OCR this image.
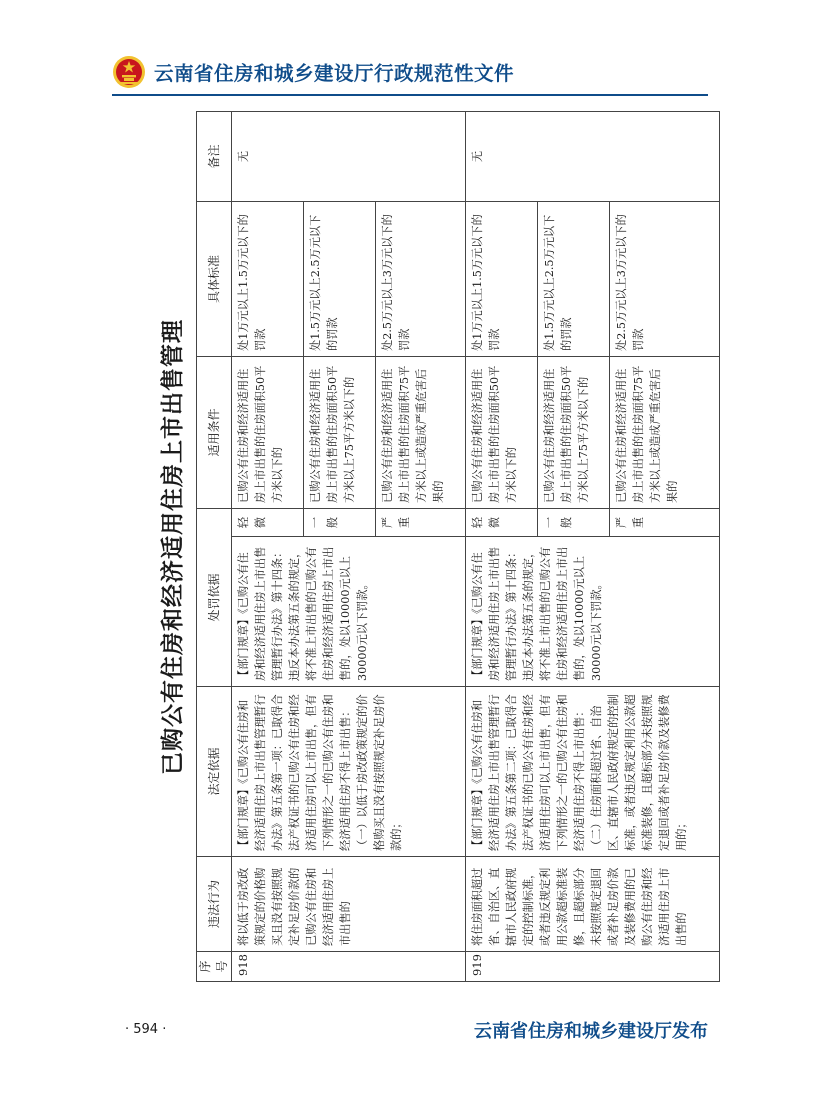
云南省住房和城乡建设厅行政规范性文件
已购公有住房和经济适用住房上市出售管理
序号	违法行为	法定依据	处罚依据		适用条件	具体标准	备注
918	将以低于房改政策规定的价格购买且没有按照规定补足房价款的已购公有住房和经济适用住房上市出售的	【部门规章】《已购公有住房和经济适用住房上市出售管理暂行办法》第五条第一项：已取得合法产权证书的已购公有住房和经济适用住房可以上市出售，但有下列情形之一的已购公有住房和经济适用住房不得上市出售：（一）以低于房改政策规定的价格购买且没有按照规定补足房价款的；	【部门规章】《已购公有住房和经济适用住房上市出售管理暂行办法》第十四条：违反本办法第五条的规定，将不准上市出售的已购公有住房和经济适用住房上市出售的，处以10000元以上30000元以下罚款。	轻微	已购公有住房和经济适用住房上市出售的住房面积50平方米以下的	处1万元以上1.5万元以下的罚款	无
				一般	已购公有住房和经济适用住房上市出售的住房面积50平方米以上75平方米以下的	处1.5万元以上2.5万元以下的罚款	
				严重	已购公有住房和经济适用住房上市出售的住房面积75平方米以上或造成严重危害后果的	处2.5万元以上3万元以下的罚款	
919	将住房面积超过省、自治区、直辖市人民政府规定的控制标准，或者违反规定利用公款超标准装修，且超标部分未按照规定退回或者补足房价款及装修费用的已购公有住房和经济适用住房上市出售的	【部门规章】《已购公有住房和经济适用住房上市出售管理暂行办法》第五条第二项：已取得合法产权证书的已购公有住房和经济适用住房可以上市出售，但有下列情形之一的已购公有住房和经济适用住房不得上市出售：（二）住房面积超过省、自治区、直辖市人民政府规定的控制标准，或者违反规定利用公款超标准装修，且超标部分未按照规定退回或者补足房价款及装修费用的；	【部门规章】《已购公有住房和经济适用住房上市出售管理暂行办法》第十四条：违反本办法第五条的规定，将不准上市出售的已购公有住房和经济适用住房上市出售的，处以10000元以上30000元以下罚款。	轻微	已购公有住房和经济适用住房上市出售的住房面积50平方米以下的	处1万元以上1.5万元以下的罚款	无
				一般	已购公有住房和经济适用住房上市出售的住房面积50平方米以上75平方米以下的	处1.5万元以上2.5万元以下的罚款	
				严重	已购公有住房和经济适用住房上市出售的住房面积75平方米以上或造成严重危害后果的	处2.5万元以上3万元以下的罚款	
· 594 ·	云南省住房和城乡建设厅发布
